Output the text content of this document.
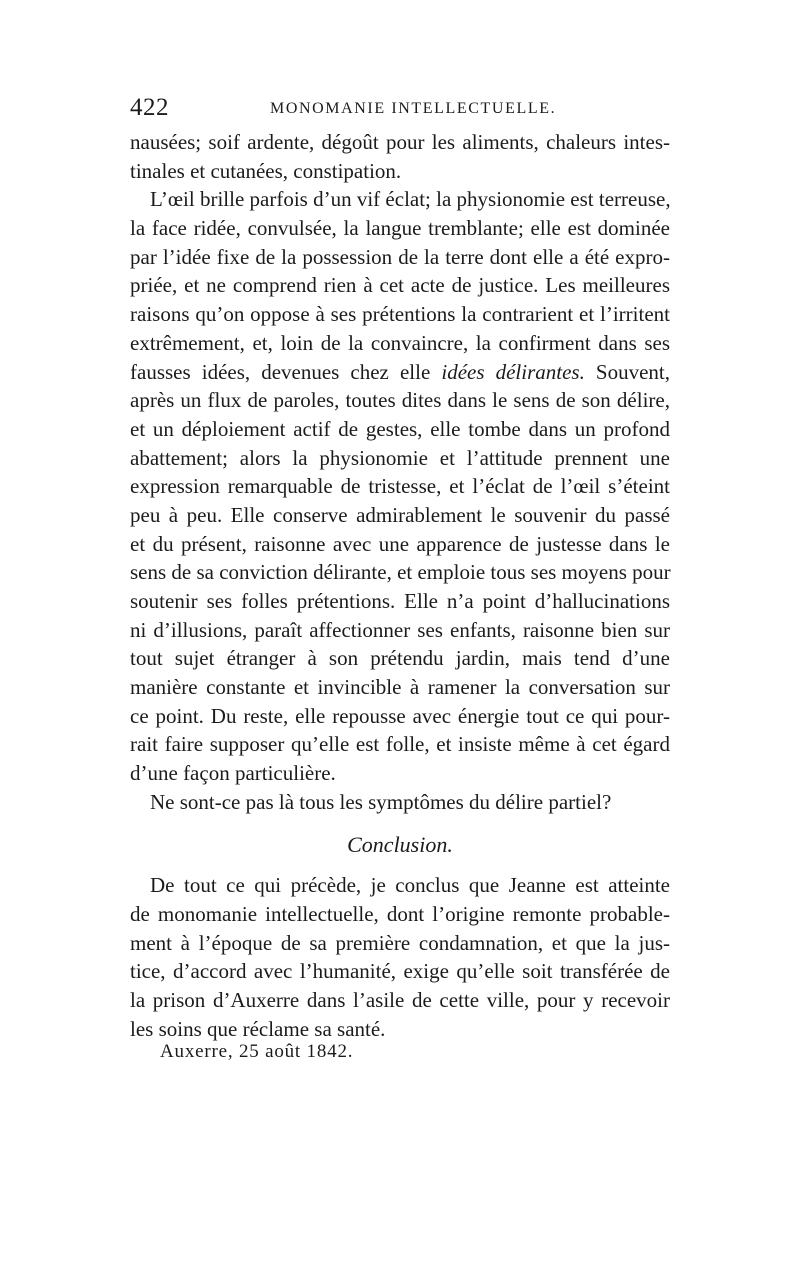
422	MONOMANIE INTELLECTUELLE.
nausées; soif ardente, dégoût pour les aliments, chaleurs intes-
tinales et cutanées, constipation.
L’œil brille parfois d’un vif éclat; la physionomie est terreuse,
la face ridée, convulsée, la langue tremblante; elle est dominée
par l’idée fixe de la possession de la terre dont elle a été expro-
priée, et ne comprend rien à cet acte de justice. Les meilleures
raisons qu’on oppose à ses prétentions la contrarient et l’irritent
extrêmement, et, loin de la convaincre, la confirment dans ses
fausses idées, devenues chez elle idées délirantes. Souvent,
après un flux de paroles, toutes dites dans le sens de son délire,
et un déploiement actif de gestes, elle tombe dans un profond
abattement; alors la physionomie et l’attitude prennent une
expression remarquable de tristesse, et l’éclat de l’œil s’éteint
peu à peu. Elle conserve admirablement le souvenir du passé
et du présent, raisonne avec une apparence de justesse dans le
sens de sa conviction délirante, et emploie tous ses moyens pour
soutenir ses folles prétentions. Elle n’a point d’hallucinations
ni d’illusions, paraît affectionner ses enfants, raisonne bien sur
tout sujet étranger à son prétendu jardin, mais tend d’une
manière constante et invincible à ramener la conversation sur
ce point. Du reste, elle repousse avec énergie tout ce qui pour-
rait faire supposer qu’elle est folle, et insiste même à cet égard
d’une façon particulière.
Ne sont-ce pas là tous les symptômes du délire partiel?
Conclusion.
De tout ce qui précède, je conclus que Jeanne est atteinte
de monomanie intellectuelle, dont l’origine remonte probable-
ment à l’époque de sa première condamnation, et que la jus-
tice, d’accord avec l’humanité, exige qu’elle soit transférée de
la prison d’Auxerre dans l’asile de cette ville, pour y recevoir
les soins que réclame sa santé.
Auxerre, 25 août 1842.
